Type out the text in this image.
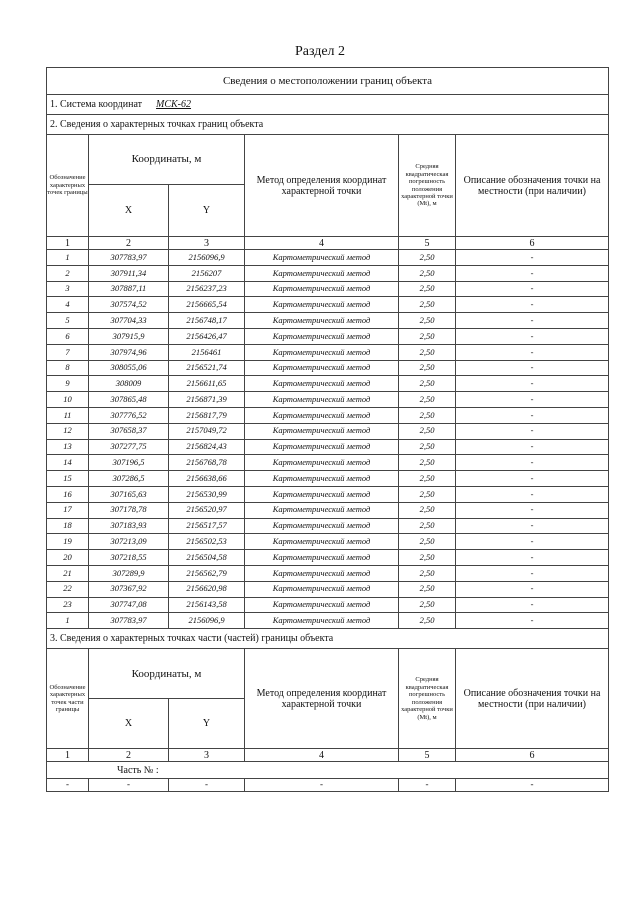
Раздел 2
Сведения о местоположении границ объекта					
1. Система координат МСК-62					
2. Сведения о характерных точках границ объекта					
Обозначение характерных точек границы	Координаты, м		Метод определения координат характерной точки	Средняя квадратическая погрешность положения характерной точки (Mt), м	Описание обозначения точки на местности (при наличии)
	X	Y			
1	2	3	4	5	6
1	307783,97	2156096,9	Картометрический метод	2,50	-
2	307911,34	2156207	Картометрический метод	2,50	-
3	307887,11	2156237,23	Картометрический метод	2,50	-
4	307574,52	2156665,54	Картометрический метод	2,50	-
5	307704,33	2156748,17	Картометрический метод	2,50	-
6	307915,9	2156426,47	Картометрический метод	2,50	-
7	307974,96	2156461	Картометрический метод	2,50	-
8	308055,06	2156521,74	Картометрический метод	2,50	-
9	308009	2156611,65	Картометрический метод	2,50	-
10	307865,48	2156871,39	Картометрический метод	2,50	-
11	307776,52	2156817,79	Картометрический метод	2,50	-
12	307658,37	2157049,72	Картометрический метод	2,50	-
13	307277,75	2156824,43	Картометрический метод	2,50	-
14	307196,5	2156768,78	Картометрический метод	2,50	-
15	307286,5	2156638,66	Картометрический метод	2,50	-
16	307165,63	2156530,99	Картометрический метод	2,50	-
17	307178,78	2156520,97	Картометрический метод	2,50	-
18	307183,93	2156517,57	Картометрический метод	2,50	-
19	307213,09	2156502,53	Картометрический метод	2,50	-
20	307218,55	2156504,58	Картометрический метод	2,50	-
21	307289,9	2156562,79	Картометрический метод	2,50	-
22	307367,92	2156620,98	Картометрический метод	2,50	-
23	307747,08	2156143,58	Картометрический метод	2,50	-
1	307783,97	2156096,9	Картометрический метод	2,50	-
3. Сведения о характерных точках части (частей) границы объекта					
Обозначение характерных точек части границы	Координаты, м		Метод определения координат характерной точки	Средняя квадратическая погрешность положения характерной точки (Mt), м	Описание обозначения точки на местности (при наличии)
	X	Y			
1	2	3	4	5	6
Часть № :					
-	-	-	-	-	-
